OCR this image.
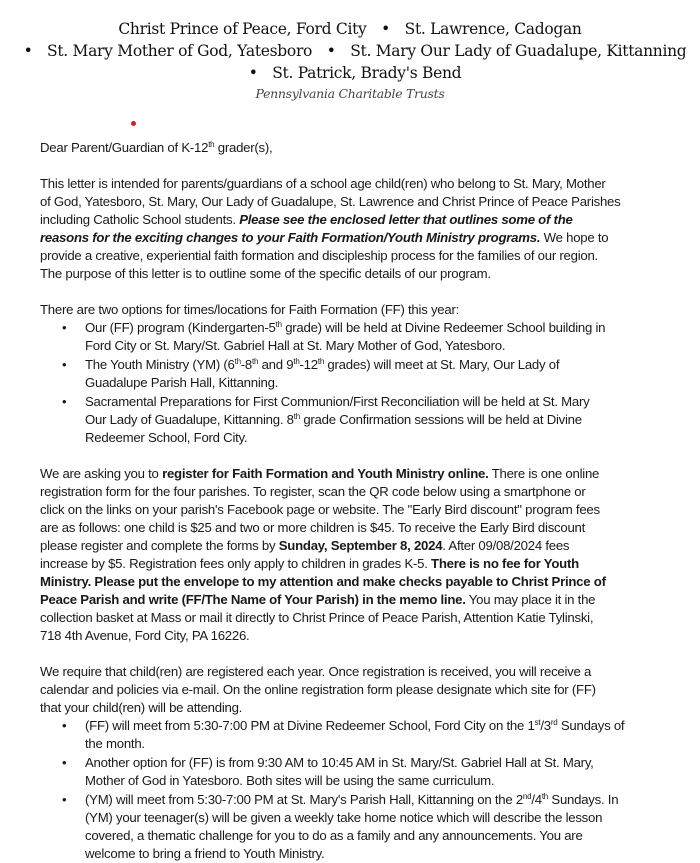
Christ Prince of Peace, Ford City • St. Lawrence, Cadogan
• St. Mary Mother of God, Yatesboro • St. Mary Our Lady of Guadalupe, Kittanning
• St. Patrick, Brady's Bend
Pennsylvania Charitable Trusts

Dear Parent/Guardian of K-12th grader(s),

This letter is intended for parents/guardians of a school age child(ren) who belong to St. Mary, Mother
of God, Yatesboro, St. Mary, Our Lady of Guadalupe, St. Lawrence and Christ Prince of Peace Parishes
including Catholic School students. Please see the enclosed letter that outlines some of the
reasons for the exciting changes to your Faith Formation/Youth Ministry programs. We hope to
provide a creative, experiential faith formation and discipleship process for the families of our region.
The purpose of this letter is to outline some of the specific details of our program.
There are two options for times/locations for Faith Formation (FF) this year:
• Our (FF) program (Kindergarten-5th grade) will be held at Divine Redeemer School building in
Ford City or St. Mary/St. Gabriel Hall at St. Mary Mother of God, Yatesboro.
• The Youth Ministry (YM) (6th-8th and 9th-12th grades) will meet at St. Mary, Our Lady of
Guadalupe Parish Hall, Kittanning.
• Sacramental Preparations for First Communion/First Reconciliation will be held at St. Mary
Our Lady of Guadalupe, Kittanning. 8th grade Confirmation sessions will be held at Divine
Redeemer School, Ford City.
We are asking you to register for Faith Formation and Youth Ministry online. There is one online
registration form for the four parishes. To register, scan the QR code below using a smartphone or
click on the links on your parish's Facebook page or website. The "Early Bird discount" program fees
are as follows: one child is $25 and two or more children is $45. To receive the Early Bird discount
please register and complete the forms by Sunday, September 8, 2024. After 09/08/2024 fees
increase by $5. Registration fees only apply to children in grades K-5. There is no fee for Youth
Ministry. Please put the envelope to my attention and make checks payable to Christ Prince of
Peace Parish and write (FF/The Name of Your Parish) in the memo line. You may place it in the
collection basket at Mass or mail it directly to Christ Prince of Peace Parish, Attention Katie Tylinski,
718 4th Avenue, Ford City, PA 16226.
We require that child(ren) are registered each year. Once registration is received, you will receive a
calendar and policies via e-mail. On the online registration form please designate which site for (FF)
that your child(ren) will be attending.
• (FF) will meet from 5:30-7:00 PM at Divine Redeemer School, Ford City on the 1st/3rd Sundays of
the month.
• Another option for (FF) is from 9:30 AM to 10:45 AM in St. Mary/St. Gabriel Hall at St. Mary,
Mother of God in Yatesboro. Both sites will be using the same curriculum.
• (YM) will meet from 5:30-7:00 PM at St. Mary's Parish Hall, Kittanning on the 2nd/4th Sundays. In
(YM) your teenager(s) will be given a weekly take home notice which will describe the lesson
covered, a thematic challenge for you to do as a family and any announcements. You are
welcome to bring a friend to Youth Ministry.
